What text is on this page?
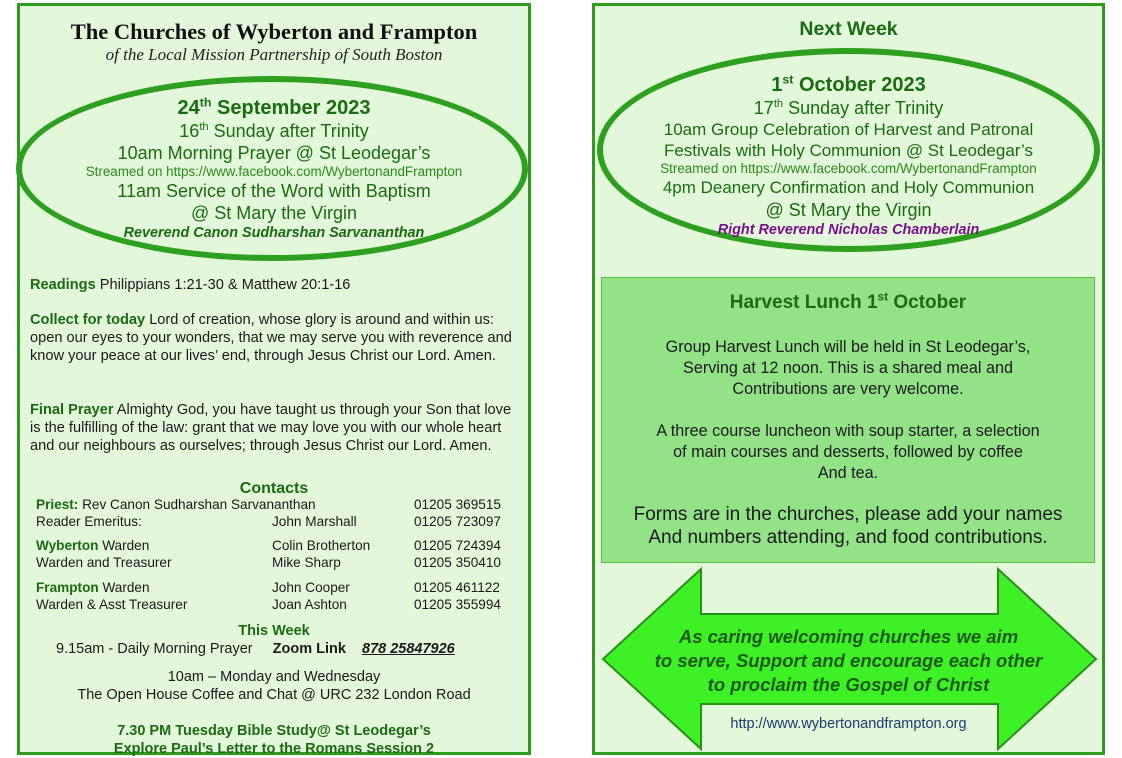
The Churches of Wyberton and Frampton
of the Local Mission Partnership of South Boston
24th September 2023
16th Sunday after Trinity
10am Morning Prayer @ St Leodegar’s
Streamed on https://www.facebook.com/WybertonandFrampton
11am Service of the Word with Baptism
@ St Mary the Virgin
Reverend Canon Sudharshan Sarvananthan
Readings Philippians 1:21-30 & Matthew 20:1-16
Collect for today Lord of creation, whose glory is around and within us: open our eyes to your wonders, that we may serve you with reverence and know your peace at our lives’ end, through Jesus Christ our Lord. Amen.
Final Prayer Almighty God, you have taught us through your Son that love is the fulfilling of the law: grant that we may love you with our whole heart and our neighbours as ourselves; through Jesus Christ our Lord. Amen.
Contacts
Priest: Rev Canon Sudharshan Sarvananthan	01205 369515
Reader Emeritus:	John Marshall	01205 723097
Wyberton Warden	Colin Brotherton	01205 724394
Warden and Treasurer	Mike Sharp	01205 350410
Frampton Warden	John Cooper	01205 461122
Warden & Asst Treasurer	Joan Ashton	01205 355994
This Week
9.15am - Daily Morning Prayer Zoom Link 878 25847926
10am – Monday and Wednesday
The Open House Coffee and Chat @ URC 232 London Road
7.30 PM Tuesday Bible Study@ St Leodegar’s
Explore Paul’s Letter to the Romans Session 2
Next Week
1st October 2023
17th Sunday after Trinity
10am Group Celebration of Harvest and Patronal
Festivals with Holy Communion @ St Leodegar’s
Streamed on https://www.facebook.com/WybertonandFrampton
4pm Deanery Confirmation and Holy Communion
@ St Mary the Virgin
Right Reverend Nicholas Chamberlain
Harvest Lunch 1st October
Group Harvest Lunch will be held in St Leodegar’s,
Serving at 12 noon. This is a shared meal and
Contributions are very welcome.
A three course luncheon with soup starter, a selection
of main courses and desserts, followed by coffee
And tea.
Forms are in the churches, please add your names
And numbers attending, and food contributions.
As caring welcoming churches we aim
to serve, Support and encourage each other
to proclaim the Gospel of Christ
http://www.wybertonandframpton.org
